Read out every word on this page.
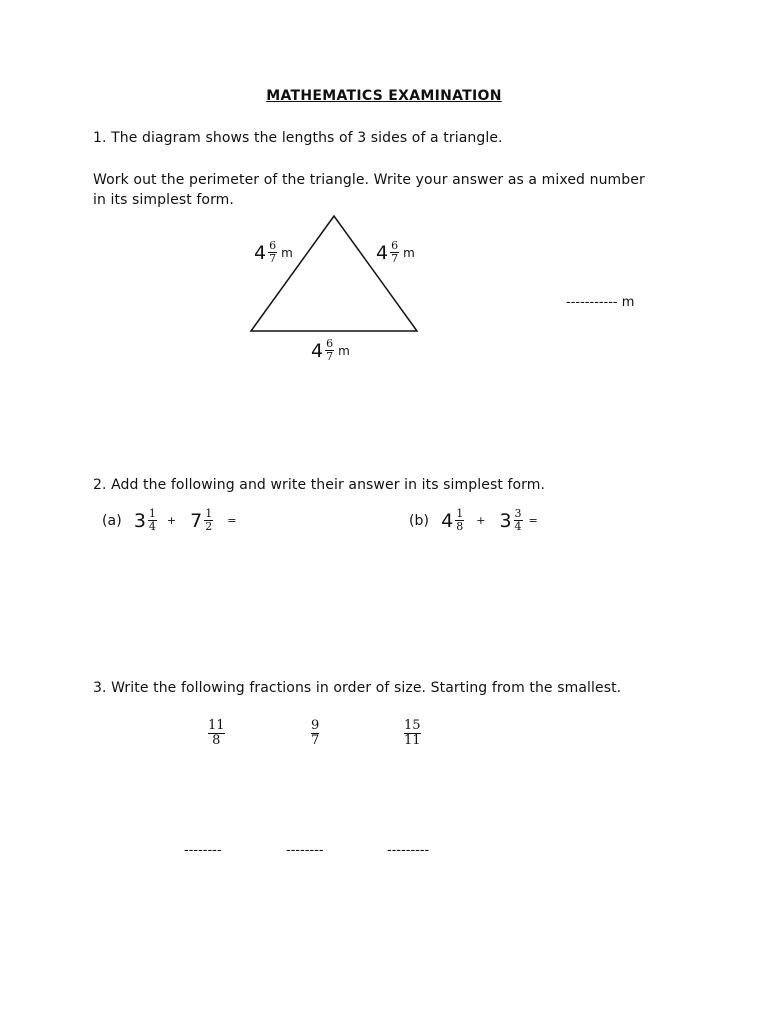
MATHEMATICS EXAMINATION
1. The diagram shows the lengths of 3 sides of a triangle.
Work out the perimeter of the triangle. Write your answer as a mixed number
in its simplest form.
$4 \frac{6}{7}$ m	$4 \frac{6}{7}$ m
$4 \frac{6}{7}$ m
----------- m
2. Add the following and write their answer in its simplest form.
(a) $3 \frac{1}{4} + 7 \frac{1}{2}$ =	(b) $4 \frac{1}{8} + 3 \frac{3}{4}$ =
3. Write the following fractions in order of size. Starting from the smallest.
11
8
9
7
15
11
--------	--------	---------
